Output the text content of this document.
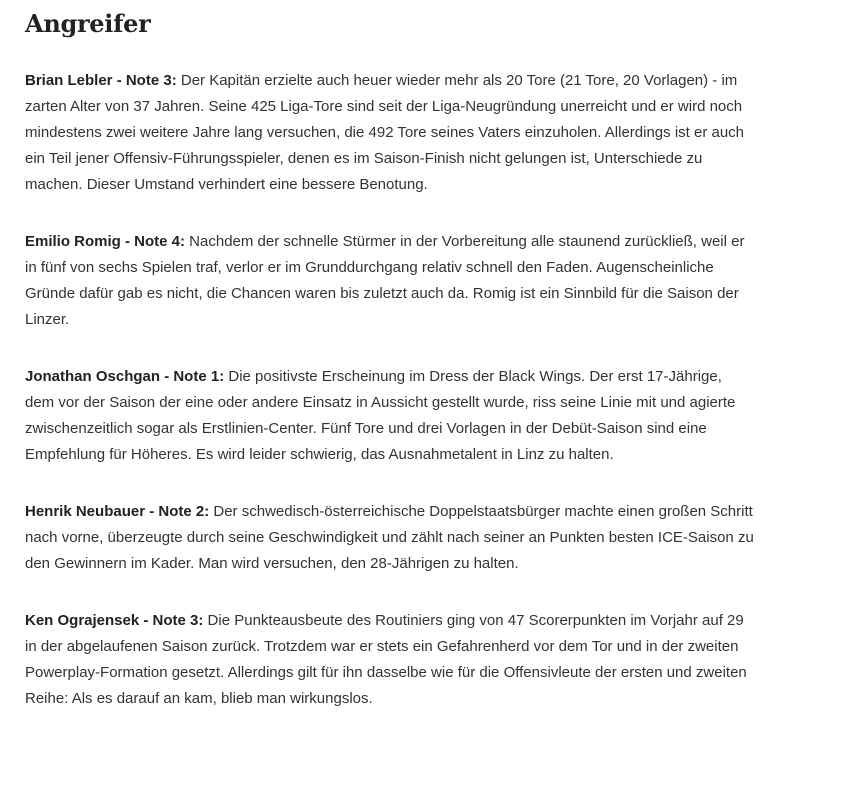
Angreifer

Brian Lebler - Note 3: Der Kapitän erzielte auch heuer wieder mehr als 20 Tore (21 Tore, 20 Vorlagen) - im zarten Alter von 37 Jahren. Seine 425 Liga-Tore sind seit der Liga-Neugründung unerreicht und er wird noch mindestens zwei weitere Jahre lang versuchen, die 492 Tore seines Vaters einzuholen. Allerdings ist er auch ein Teil jener Offensiv-Führungsspieler, denen es im Saison-Finish nicht gelungen ist, Unterschiede zu machen. Dieser Umstand verhindert eine bessere Benotung.

Emilio Romig - Note 4: Nachdem der schnelle Stürmer in der Vorbereitung alle staunend zurückließ, weil er in fünf von sechs Spielen traf, verlor er im Grunddurchgang relativ schnell den Faden. Augenscheinliche Gründe dafür gab es nicht, die Chancen waren bis zuletzt auch da. Romig ist ein Sinnbild für die Saison der Linzer.

Jonathan Oschgan - Note 1: Die positivste Erscheinung im Dress der Black Wings. Der erst 17-Jährige, dem vor der Saison der eine oder andere Einsatz in Aussicht gestellt wurde, riss seine Linie mit und agierte zwischenzeitlich sogar als Erstlinien-Center. Fünf Tore und drei Vorlagen in der Debüt-Saison sind eine Empfehlung für Höheres. Es wird leider schwierig, das Ausnahmetalent in Linz zu halten.

Henrik Neubauer - Note 2: Der schwedisch-österreichische Doppelstaatsbürger machte einen großen Schritt nach vorne, überzeugte durch seine Geschwindigkeit und zählt nach seiner an Punkten besten ICE-Saison zu den Gewinnern im Kader. Man wird versuchen, den 28-Jährigen zu halten.

Ken Ograjensek - Note 3: Die Punkteausbeute des Routiniers ging von 47 Scorerpunkten im Vorjahr auf 29 in der abgelaufenen Saison zurück. Trotzdem war er stets ein Gefahrenherd vor dem Tor und in der zweiten Powerplay-Formation gesetzt. Allerdings gilt für ihn dasselbe wie für die Offensivleute der ersten und zweiten Reihe: Als es darauf an kam, blieb man wirkungslos.
